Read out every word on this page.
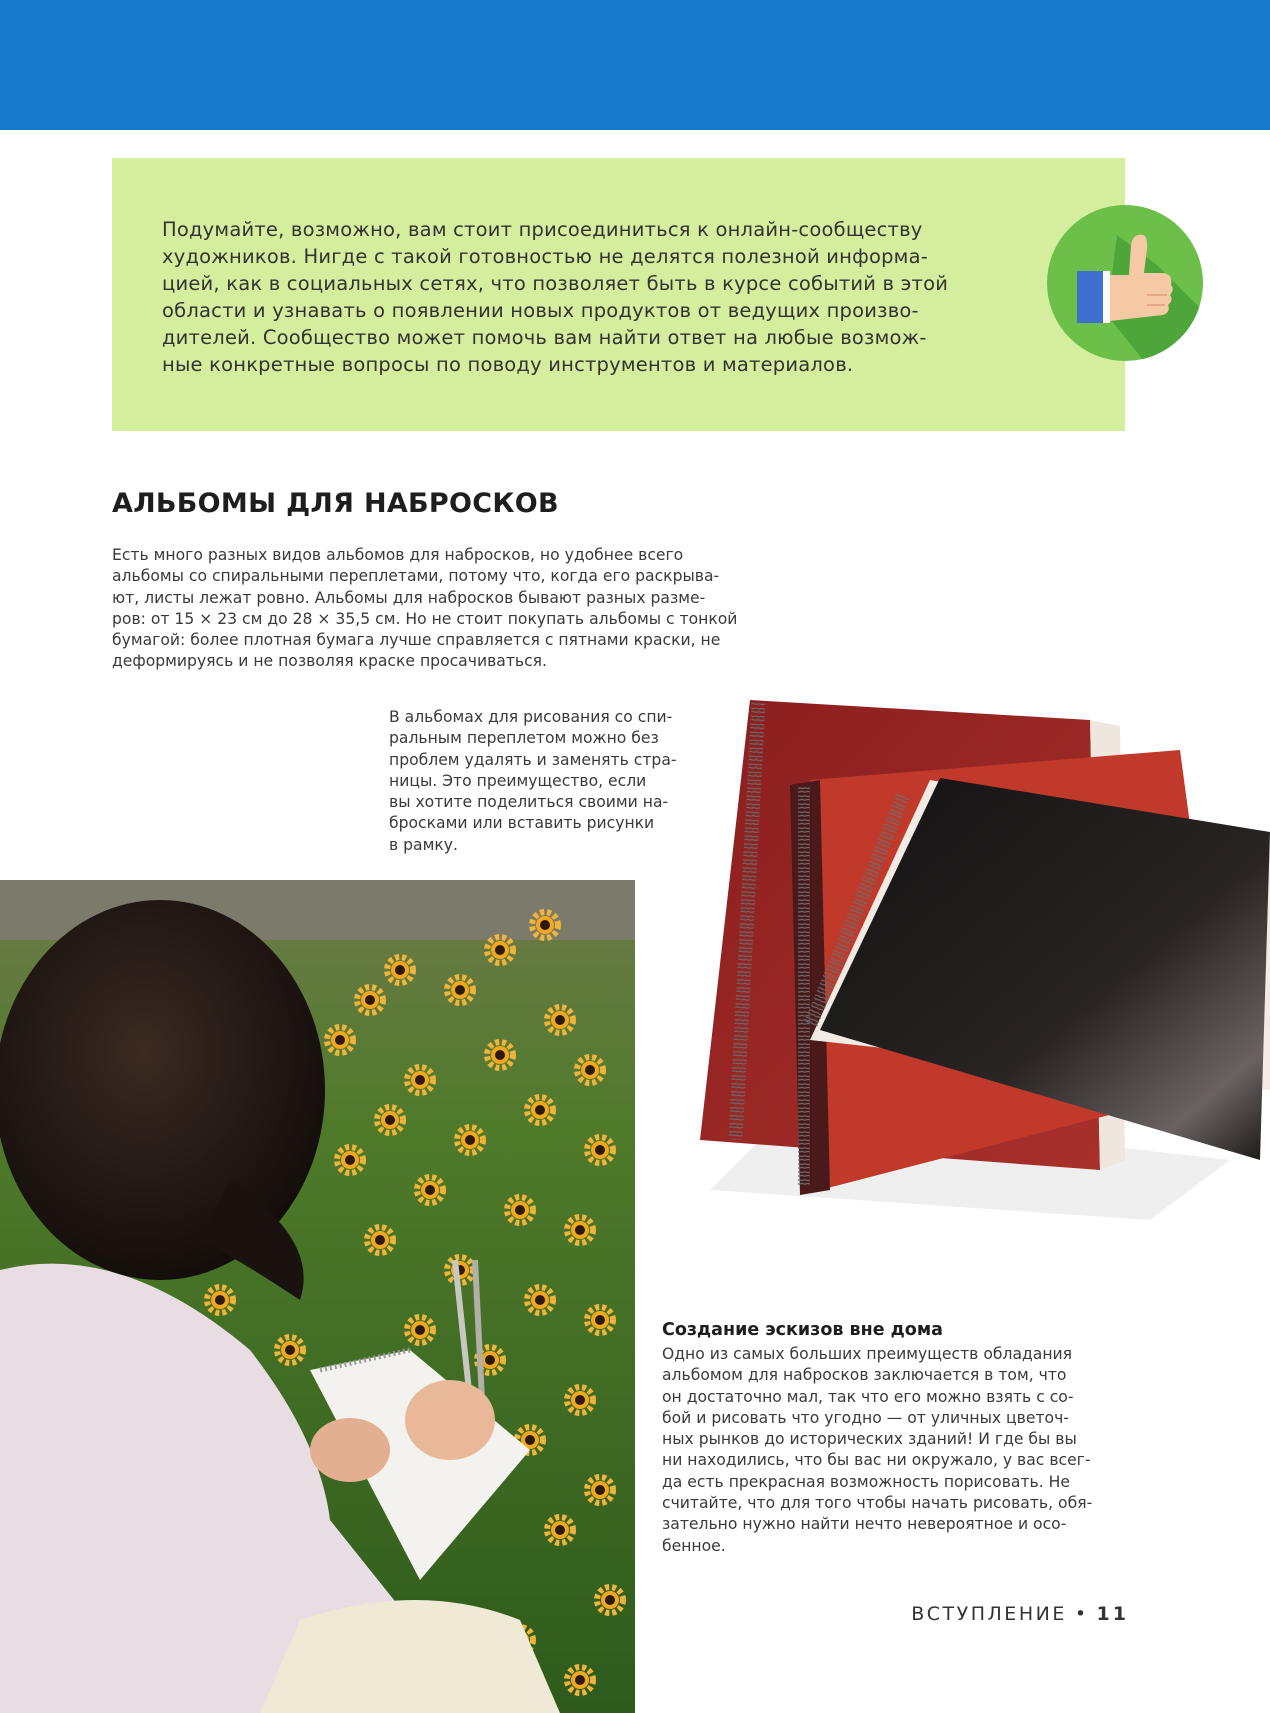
Подумайте, возможно, вам стоит присоединиться к онлайн-сообществу
художников. Нигде с такой готовностью не делятся полезной информа-
цией, как в социальных сетях, что позволяет быть в курсе событий в этой
области и узнавать о появлении новых продуктов от ведущих произво-
дителей. Сообщество может помочь вам найти ответ на любые возмож-
ные конкретные вопросы по поводу инструментов и материалов.
АЛЬБОМЫ ДЛЯ НАБРОСКОВ
Есть много разных видов альбомов для набросков, но удобнее всего
альбомы со спиральными переплетами, потому что, когда его раскрыва-
ют, листы лежат ровно. Альбомы для набросков бывают разных разме-
ров: от 15 × 23 см до 28 × 35,5 см. Но не стоит покупать альбомы с тонкой
бумагой: более плотная бумага лучше справляется с пятнами краски, не
деформируясь и не позволяя краске просачиваться.
В альбомах для рисования со спи-
ральным переплетом можно без
проблем удалять и заменять стра-
ницы. Это преимущество, если
вы хотите поделиться своими на-
бросками или вставить рисунки
в рамку.
Создание эскизов вне дома
Одно из самых больших преимуществ обладания
альбомом для набросков заключается в том, что
он достаточно мал, так что его можно взять с со-
бой и рисовать что угодно — от уличных цветоч-
ных рынков до исторических зданий! И где бы вы
ни находились, что бы вас ни окружало, у вас всег-
да есть прекрасная возможность порисовать. Не
считайте, что для того чтобы начать рисовать, обя-
зательно нужно найти нечто невероятное и осо-
бенное.
ВСТУПЛЕНИЕ • 11
